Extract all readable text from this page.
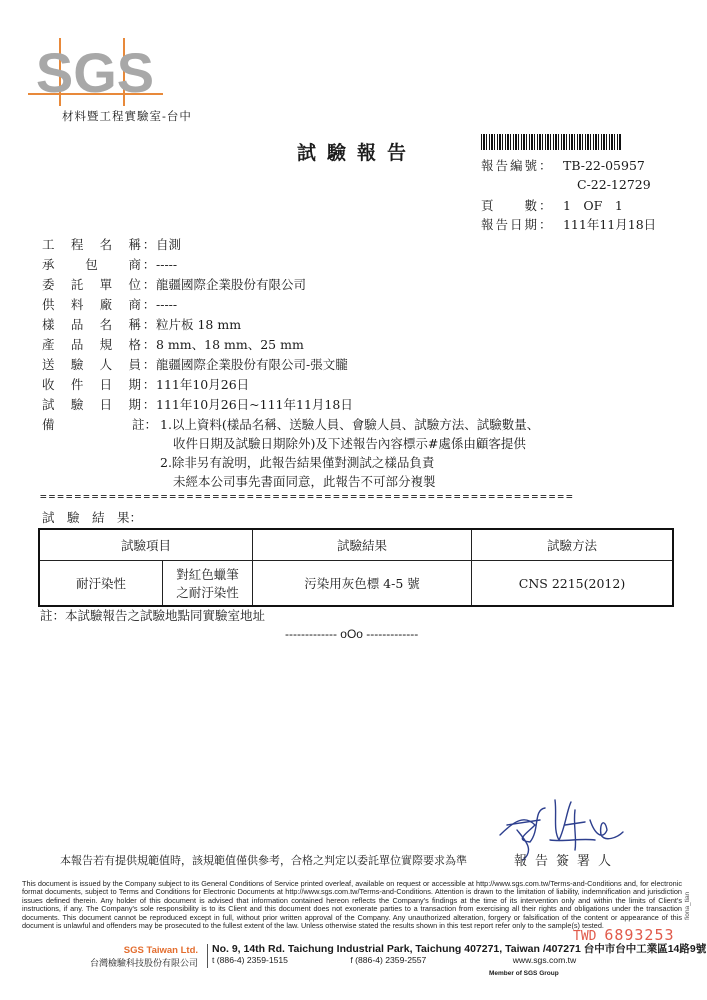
SGS
材料暨工程實驗室-台中
試驗報告
報告編號： TB-22-05957
C-22-12729
頁　　數： 1　OF　1
報告日期： 111年11月18日
工程名稱：自測
承包商：-----
委託單位：龍疆國際企業股份有限公司
供料廠商：-----
樣品名稱：粒片板 18 mm
產品規格：8 mm、18 mm、25 mm
送驗人員：龍疆國際企業股份有限公司-張文朧
收件日期：111年10月26日
試驗日期：111年10月26日~111年11月18日
備	註： 1.以上資料(樣品名稱、送驗人員、會驗人員、試驗方法、試驗數量、
收件日期及試驗日期除外)及下述報告內容標示#處係由顧客提供
2.除非另有說明，此報告結果僅對測試之樣品負責
未經本公司事先書面同意，此報告不可部分複製
==============================================================
試　驗　結　果：
試驗項目		試驗結果	試驗方法
耐汙染性	對紅色蠟筆
之耐汙染性	污染用灰色標 4-5 號	CNS 2215(2012)
註：本試驗報告之試驗地點同實驗室地址
------------- oOo -------------
本報告若有提供規範值時，該規範值僅供參考，合格之判定以委託單位實際要求為準	報告簽署人
This document is issued by the Company subject to its General Conditions of Service printed overleaf, available on request or accessible at http://www.sgs.com.tw/Terms-and-Conditions and, for electronic format documents, subject to Terms and Conditions for Electronic Documents at http://www.sgs.com.tw/Terms-and-Conditions. Attention is drawn to the limitation of liability, indemnification and jurisdiction issues defined therein. Any holder of this document is advised that information contained hereon reflects the Company's findings at the time of its intervention only and within the limits of Client's instructions, if any. The Company's sole responsibility is to its Client and this document does not exonerate parties to a transaction from exercising all their rights and obligations under the transaction documents. This document cannot be reproduced except in full, without prior written approval of the Company. Any unauthorized alteration, forgery or falsification of the content or appearance of this document is unlawful and offenders may be prosecuted to the fullest extent of the law. Unless otherwise stated the results shown in this test report refer only to the sample(s) tested.
TWD 6893253
SGS Taiwan Ltd.
台灣檢驗科技股份有限公司
No. 9, 14th Rd. Taichung Industrial Park, Taichung 407271, Taiwan /407271 台中市台中工業區14路9號
t (886-4) 2359-1515	f (886-4) 2359-2557	www.sgs.com.tw
Member of SGS Group
fiona_tian
